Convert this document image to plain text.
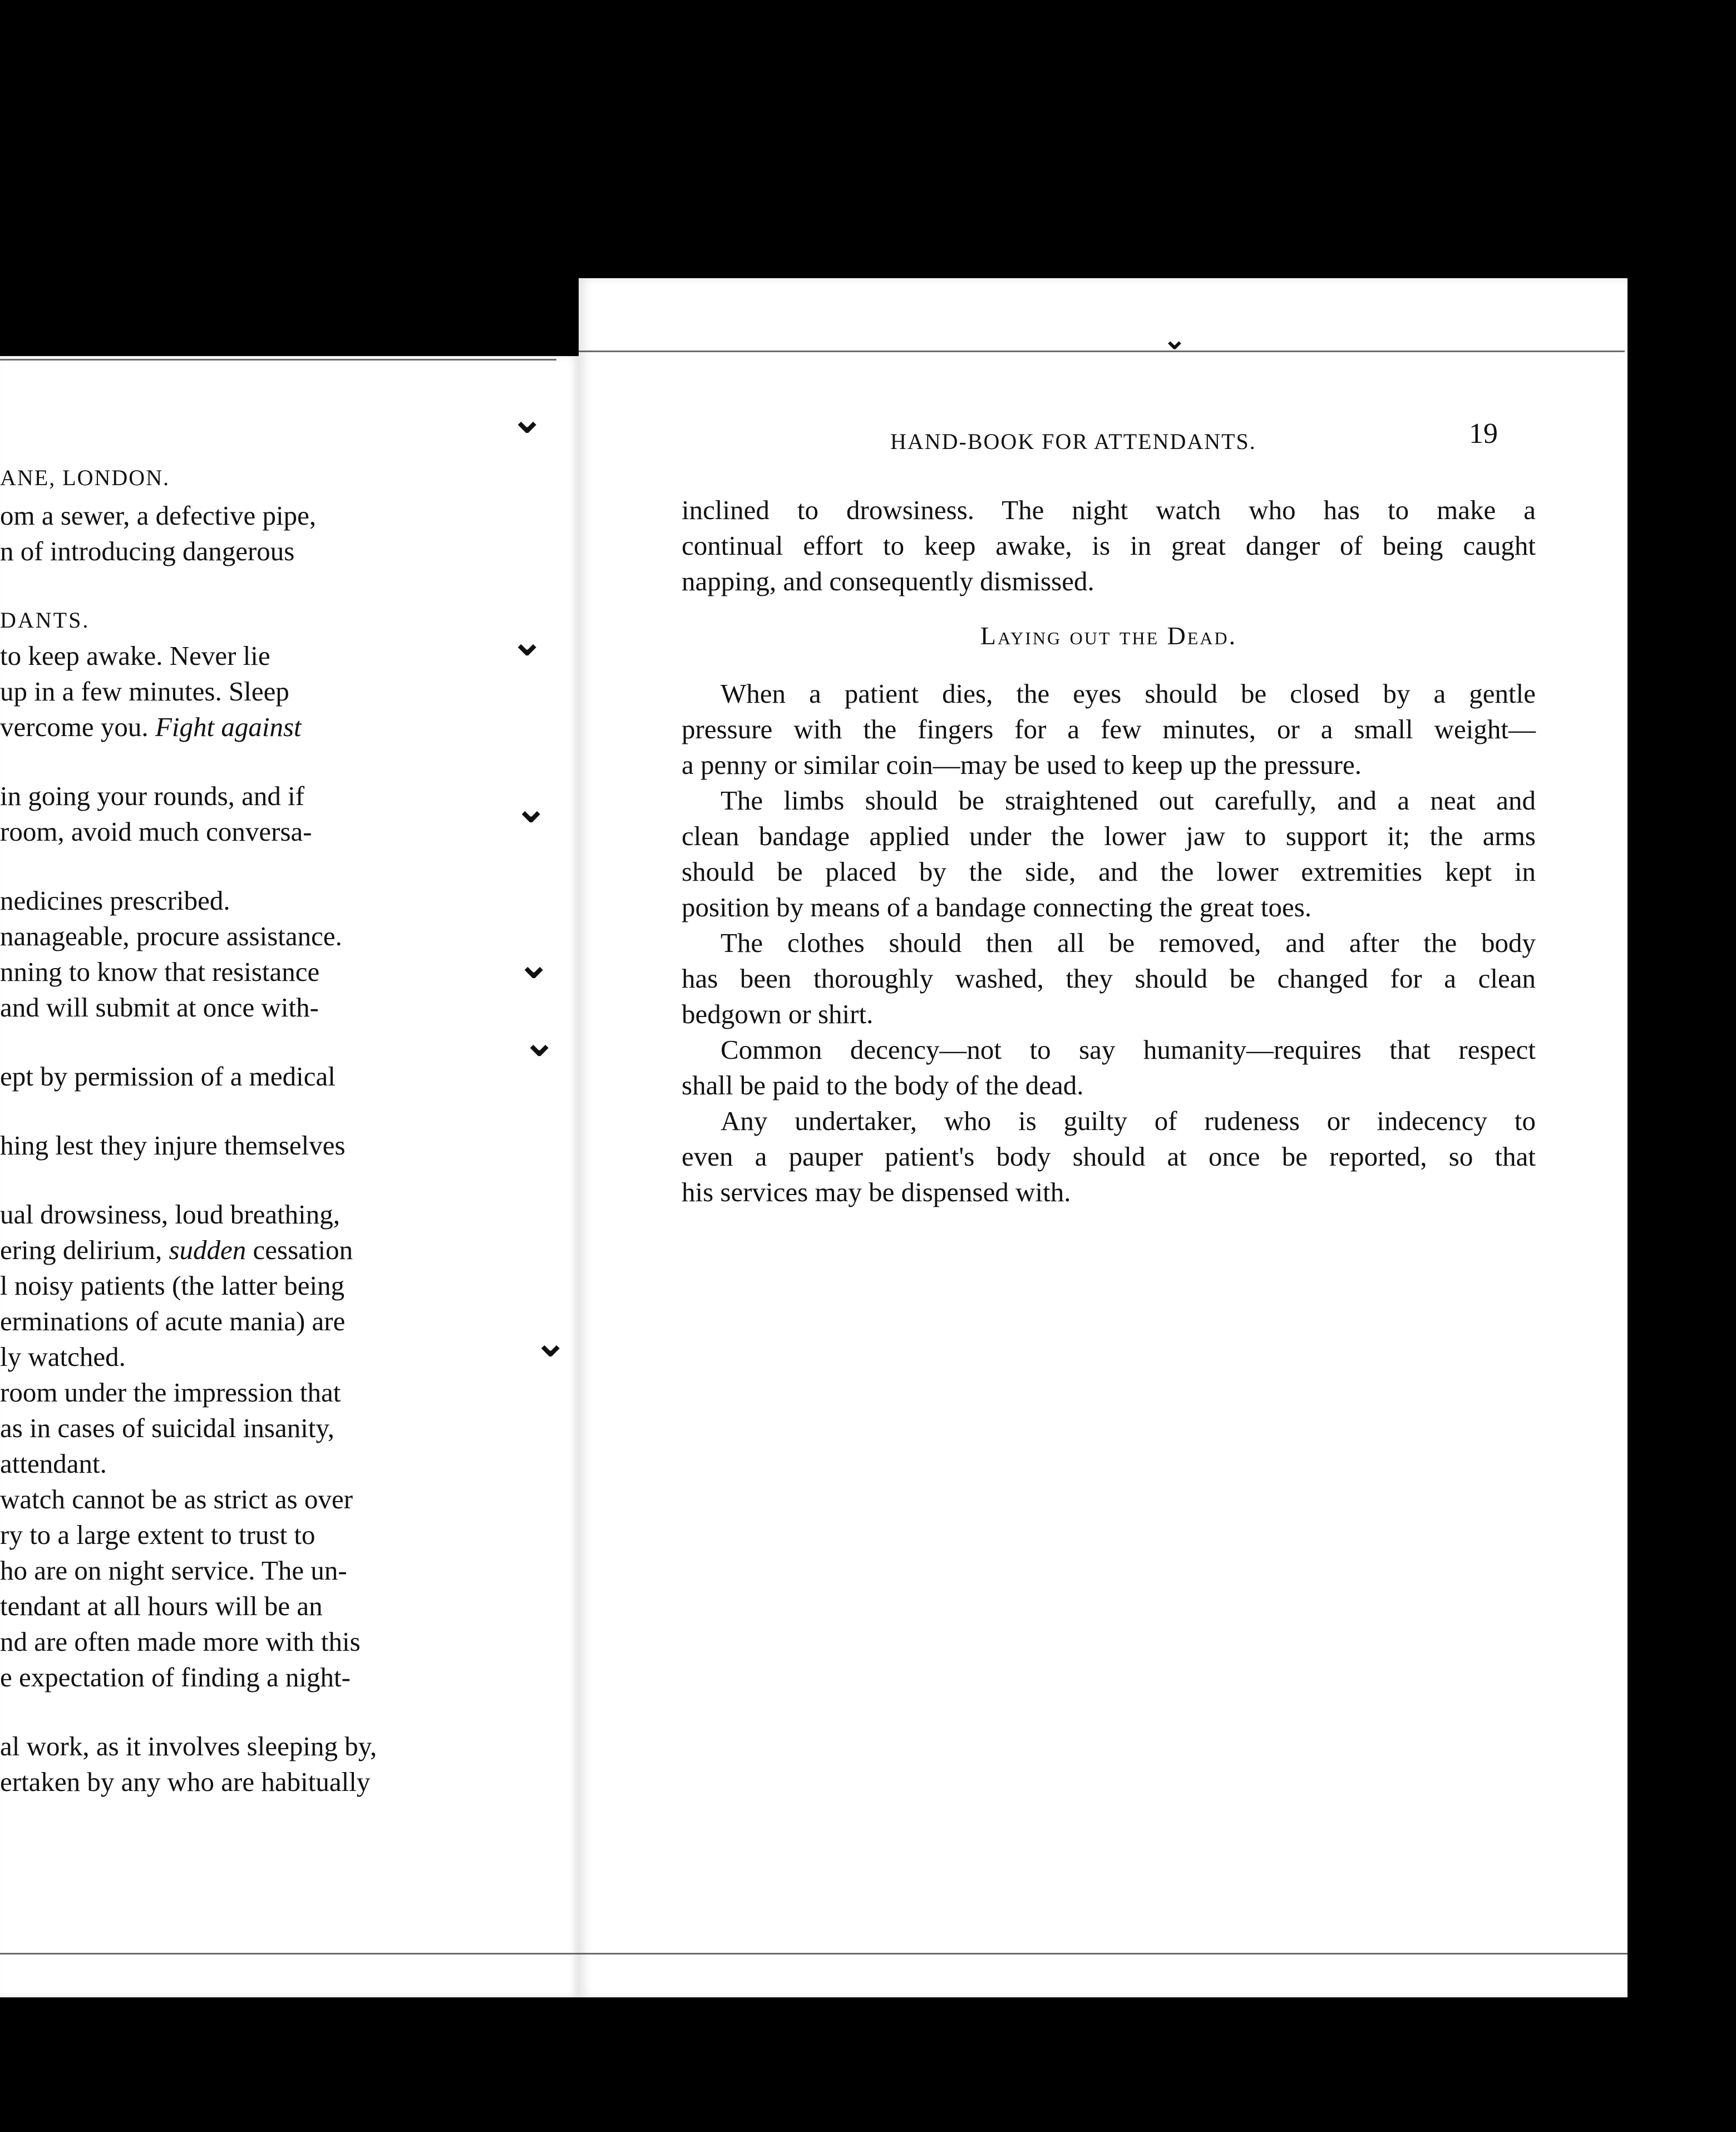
ANE, LONDON.
om a sewer, a defective pipe,
n of introducing dangerous
DANTS.
to keep awake. Never lie
up in a few minutes. Sleep
vercome you. Fight against
in going your rounds, and if
room, avoid much conversa-
nedicines prescribed.
nanageable, procure assistance.
nning to know that resistance
and will submit at once with-
ept by permission of a medical
hing lest they injure themselves
ual drowsiness, loud breathing,
ering delirium, sudden cessation
l noisy patients (the latter being
erminations of acute mania) are
ly watched.
room under the impression that
as in cases of suicidal insanity,
attendant.
watch cannot be as strict as over
ry to a large extent to trust to
ho are on night service. The un-
tendant at all hours will be an
nd are often made more with this
e expectation of finding a night-
al work, as it involves sleeping by,
ertaken by any who are habitually
HAND-BOOK FOR ATTENDANTS.	19
inclined to drowsiness. The night watch who has to make a
continual effort to keep awake, is in great danger of being caught
napping, and consequently dismissed.
Laying out the Dead.
When a patient dies, the eyes should be closed by a gentle
pressure with the fingers for a few minutes, or a small weight—
a penny or similar coin—may be used to keep up the pressure.
The limbs should be straightened out carefully, and a neat and
clean bandage applied under the lower jaw to support it; the arms
should be placed by the side, and the lower extremities kept in
position by means of a bandage connecting the great toes.
The clothes should then all be removed, and after the body
has been thoroughly washed, they should be changed for a clean
bedgown or shirt.
Common decency—not to say humanity—requires that respect
shall be paid to the body of the dead.
Any undertaker, who is guilty of rudeness or indecency to
even a pauper patient's body should at once be reported, so that
his services may be dispensed with.
⌄
⌄
⌄
⌄
⌄
⌄
⌄
